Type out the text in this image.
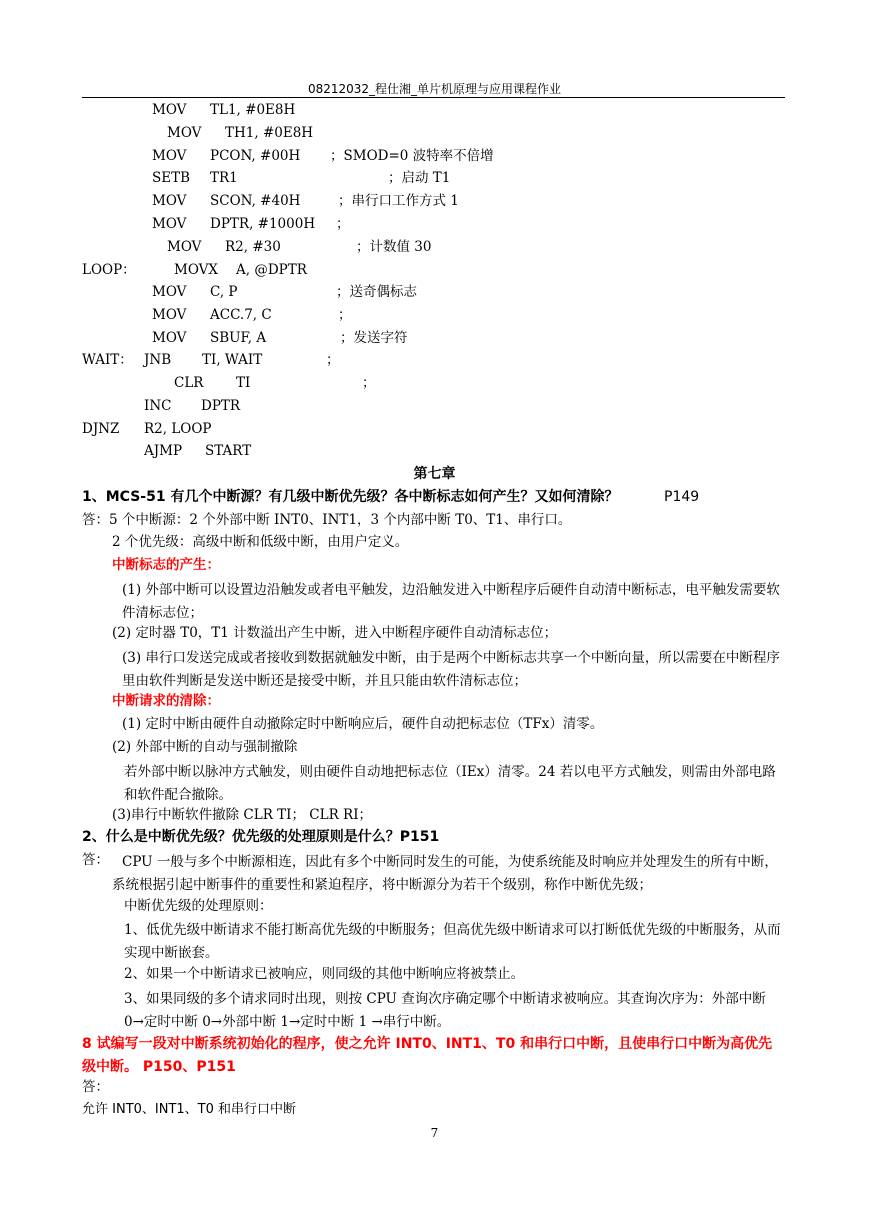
08212032_程仕湘_单片机原理与应用课程作业
MOV TL1, #0E8H
MOV TH1, #0E8H
MOV PCON, #00H ；SMOD=0 波特率不倍增
SETB TR1	；启动 T1
MOV SCON, #40H	；串行口工作方式 1
MOV DPTR, #1000H ；
MOV R2, #30	；计数值 30
LOOP：	MOVX A, @DPTR
MOV C, P	；送奇偶标志
MOV ACC.7, C	；
MOV SBUF, A	；发送字符
WAIT： JNB TI, WAIT	；
CLR TI	；
INC DPTR
DJNZ R2, LOOP
AJMP START
第七章
1、MCS-51 有几个中断源？有几级中断优先级？各中断标志如何产生？又如何清除？	P149
答：5 个中断源：2 个外部中断 INT0、INT1，3 个内部中断 T0、T1、串行口。
2 个优先级：高级中断和低级中断，由用户定义。
中断标志的产生：
(1) 外部中断可以设置边沿触发或者电平触发，边沿触发进入中断程序后硬件自动清中断标志，电平触发需要软件清标志位；
(2) 定时器 T0，T1 计数溢出产生中断，进入中断程序硬件自动清标志位；
(3) 串行口发送完成或者接收到数据就触发中断，由于是两个中断标志共享一个中断向量，所以需要在中断程序里由软件判断是发送中断还是接受中断，并且只能由软件清标志位；
中断请求的清除：
(1) 定时中断由硬件自动撤除定时中断响应后，硬件自动把标志位（TFx）清零。
(2) 外部中断的自动与强制撤除
若外部中断以脉冲方式触发，则由硬件自动地把标志位（IEx）清零。24 若以电平方式触发，则需由外部电路和软件配合撤除。
(3)串行中断软件撤除 CLR TI； CLR RI；
2、什么是中断优先级？优先级的处理原则是什么？P151
答： CPU 一般与多个中断源相连，因此有多个中断同时发生的可能，为使系统能及时响应并处理发生的所有中断，系统根据引起中断事件的重要性和紧迫程序，将中断源分为若干个级别，称作中断优先级；
中断优先级的处理原则：
1、低优先级中断请求不能打断高优先级的中断服务；但高优先级中断请求可以打断低优先级的中断服务，从而实现中断嵌套。
2、如果一个中断请求已被响应，则同级的其他中断响应将被禁止。
3、如果同级的多个请求同时出现，则按 CPU 查询次序确定哪个中断请求被响应。其查询次序为：外部中断 0→定时中断 0→外部中断 1→定时中断 1 →串行中断。
8 试编写一段对中断系统初始化的程序，使之允许 INT0、INT1、T0 和串行口中断，且使串行口中断为高优先级中断。 P150、P151
答：
允许 INT0、INT1、T0 和串行口中断
7
